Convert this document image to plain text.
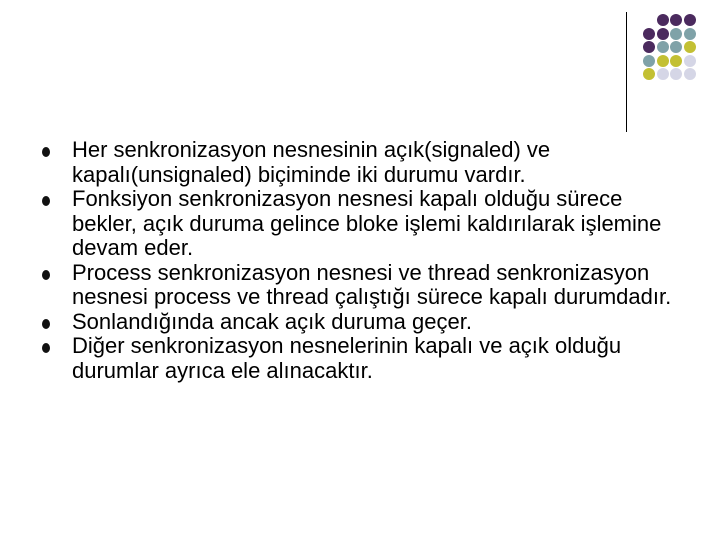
Her senkronizasyon nesnesinin açık(signaled) ve kapalı(unsignaled) biçiminde iki durumu vardır.
Fonksiyon senkronizasyon nesnesi kapalı olduğu sürece bekler, açık duruma gelince bloke işlemi kaldırılarak işlemine devam eder.
Process senkronizasyon nesnesi ve thread senkronizasyon nesnesi process ve thread çalıştığı sürece kapalı durumdadır.
Sonlandığında ancak açık duruma geçer.
Diğer senkronizasyon nesnelerinin kapalı ve açık olduğu durumlar ayrıca ele alınacaktır.
